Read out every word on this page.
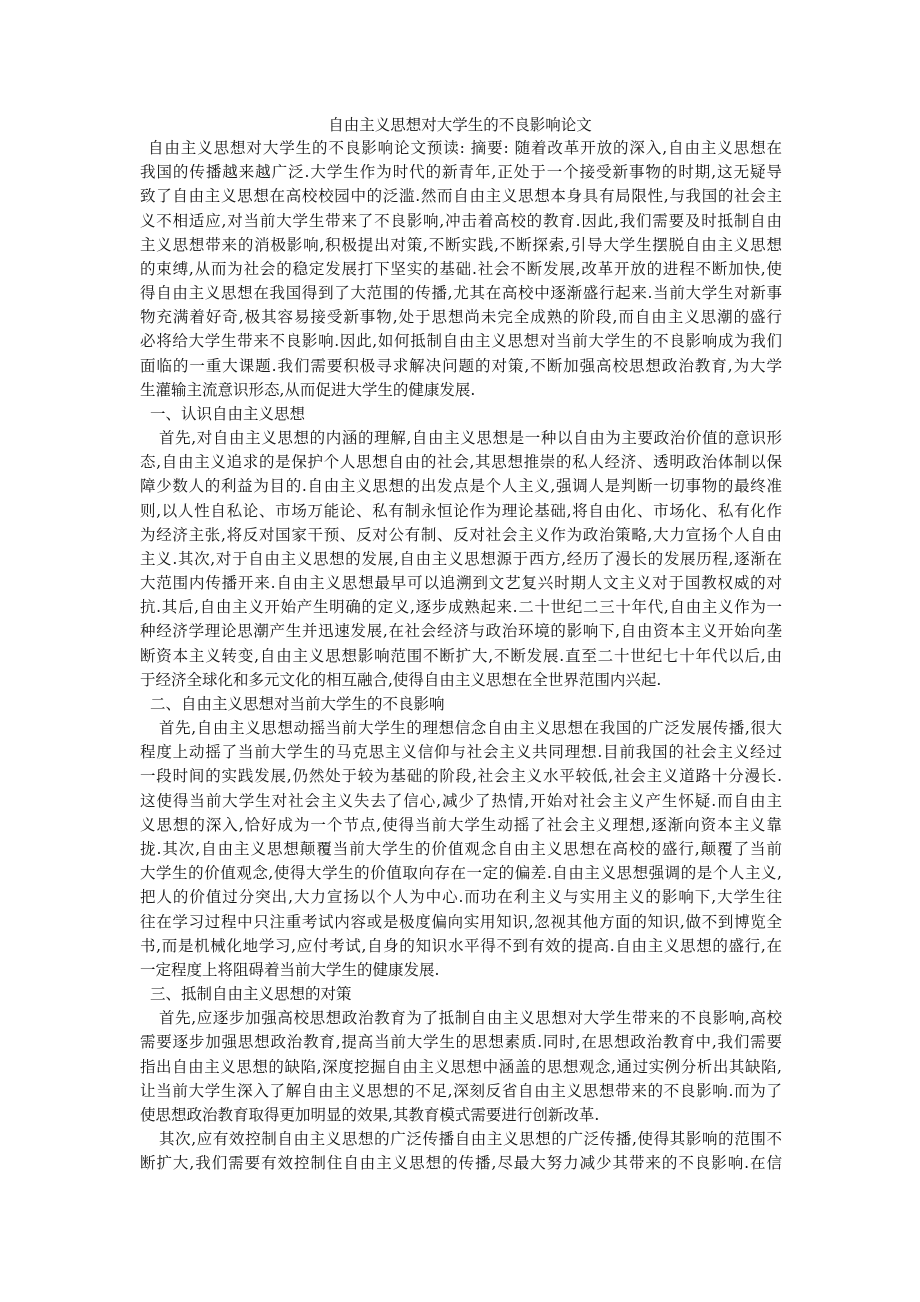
自由主义思想对大学生的不良影响论文
自由主义思想对大学生的不良影响论文预读: 摘要: 随着改革开放的深入,自由主义思想在
我国的传播越来越广泛.大学生作为时代的新青年,正处于一个接受新事物的时期,这无疑导
致了自由主义思想在高校校园中的泛滥.然而自由主义思想本身具有局限性,与我国的社会主
义不相适应,对当前大学生带来了不良影响,冲击着高校的教育.因此,我们需要及时抵制自由
主义思想带来的消极影响,积极提出对策,不断实践,不断探索,引导大学生摆脱自由主义思想
的束缚,从而为社会的稳定发展打下坚实的基础.社会不断发展,改革开放的进程不断加快,使
得自由主义思想在我国得到了大范围的传播,尤其在高校中逐渐盛行起来.当前大学生对新事
物充满着好奇,极其容易接受新事物,处于思想尚未完全成熟的阶段,而自由主义思潮的盛行
必将给大学生带来不良影响.因此,如何抵制自由主义思想对当前大学生的不良影响成为我们
面临的一重大课题.我们需要积极寻求解决问题的对策,不断加强高校思想政治教育,为大学
生灌输主流意识形态,从而促进大学生的健康发展.
一、认识自由主义思想
首先,对自由主义思想的内涵的理解,自由主义思想是一种以自由为主要政治价值的意识形
态,自由主义追求的是保护个人思想自由的社会,其思想推崇的私人经济、透明政治体制以保
障少数人的利益为目的.自由主义思想的出发点是个人主义,强调人是判断一切事物的最终准
则,以人性自私论、市场万能论、私有制永恒论作为理论基础,将自由化、市场化、私有化作
为经济主张,将反对国家干预、反对公有制、反对社会主义作为政治策略,大力宣扬个人自由
主义.其次,对于自由主义思想的发展,自由主义思想源于西方,经历了漫长的发展历程,逐渐在
大范围内传播开来.自由主义思想最早可以追溯到文艺复兴时期人文主义对于国教权威的对
抗.其后,自由主义开始产生明确的定义,逐步成熟起来.二十世纪二三十年代,自由主义作为一
种经济学理论思潮产生并迅速发展,在社会经济与政治环境的影响下,自由资本主义开始向垄
断资本主义转变,自由主义思想影响范围不断扩大,不断发展.直至二十世纪七十年代以后,由
于经济全球化和多元文化的相互融合,使得自由主义思想在全世界范围内兴起.
二、自由主义思想对当前大学生的不良影响
首先,自由主义思想动摇当前大学生的理想信念自由主义思想在我国的广泛发展传播,很大
程度上动摇了当前大学生的马克思主义信仰与社会主义共同理想.目前我国的社会主义经过
一段时间的实践发展,仍然处于较为基础的阶段,社会主义水平较低,社会主义道路十分漫长.
这使得当前大学生对社会主义失去了信心,减少了热情,开始对社会主义产生怀疑.而自由主
义思想的深入,恰好成为一个节点,使得当前大学生动摇了社会主义理想,逐渐向资本主义靠
拢.其次,自由主义思想颠覆当前大学生的价值观念自由主义思想在高校的盛行,颠覆了当前
大学生的价值观念,使得大学生的价值取向存在一定的偏差.自由主义思想强调的是个人主义,
把人的价值过分突出,大力宣扬以个人为中心.而功在利主义与实用主义的影响下,大学生往
往在学习过程中只注重考试内容或是极度偏向实用知识,忽视其他方面的知识,做不到博览全
书,而是机械化地学习,应付考试,自身的知识水平得不到有效的提高.自由主义思想的盛行,在
一定程度上将阻碍着当前大学生的健康发展.
三、抵制自由主义思想的对策
首先,应逐步加强高校思想政治教育为了抵制自由主义思想对大学生带来的不良影响,高校
需要逐步加强思想政治教育,提高当前大学生的思想素质.同时,在思想政治教育中,我们需要
指出自由主义思想的缺陷,深度挖掘自由主义思想中涵盖的思想观念,通过实例分析出其缺陷,
让当前大学生深入了解自由主义思想的不足,深刻反省自由主义思想带来的不良影响.而为了
使思想政治教育取得更加明显的效果,其教育模式需要进行创新改革.
其次,应有效控制自由主义思想的广泛传播自由主义思想的广泛传播,使得其影响的范围不
断扩大,我们需要有效控制住自由主义思想的传播,尽最大努力减少其带来的不良影响.在信
